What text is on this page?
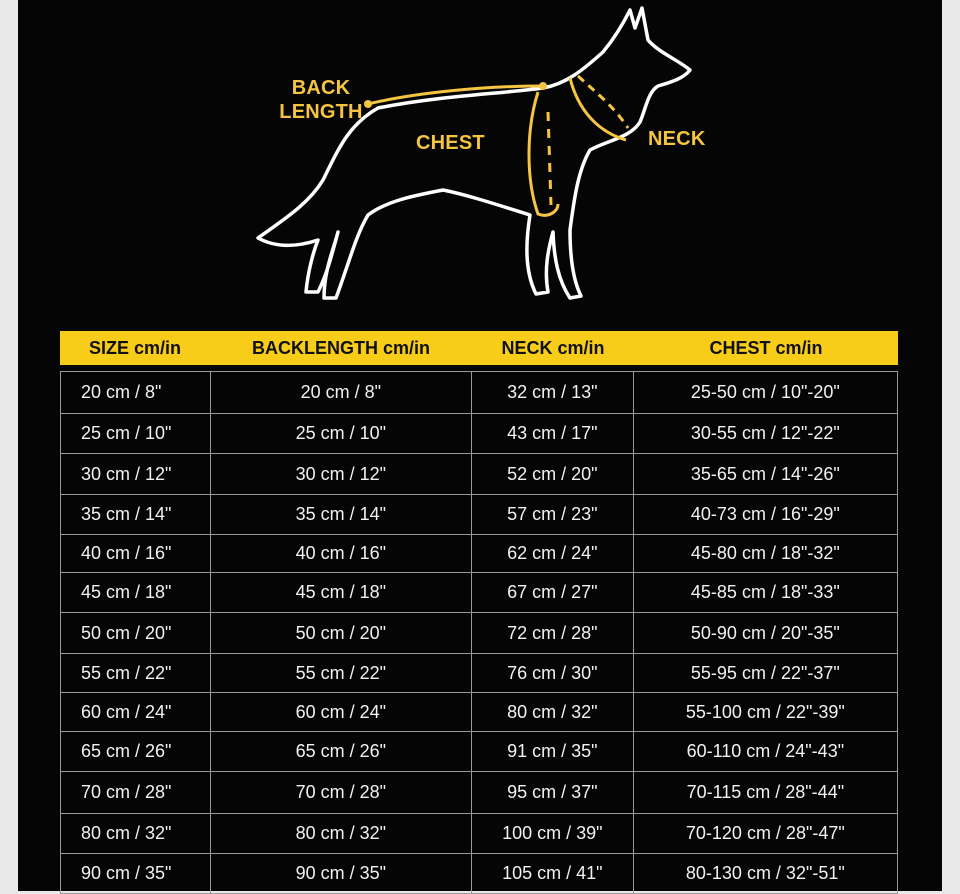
BACK
LENGTH
CHEST	NECK
SIZE cm/in	BACKLENGTH cm/in	NECK cm/in	CHEST cm/in
20 cm / 8"	20 cm / 8"	32 cm / 13"	25-50 cm / 10"-20"
25 cm / 10"	25 cm / 10"	43 cm / 17"	30-55 cm / 12"-22"
30 cm / 12"	30 cm / 12"	52 cm / 20"	35-65 cm / 14"-26"
35 cm / 14"	35 cm / 14"	57 cm / 23"	40-73 cm / 16"-29"
40 cm / 16"	40 cm / 16"	62 cm / 24"	45-80 cm / 18"-32"
45 cm / 18"	45 cm / 18"	67 cm / 27"	45-85 cm / 18"-33"
50 cm / 20"	50 cm / 20"	72 cm / 28"	50-90 cm / 20"-35"
55 cm / 22"	55 cm / 22"	76 cm / 30"	55-95 cm / 22"-37"
60 cm / 24"	60 cm / 24"	80 cm / 32"	55-100 cm / 22"-39"
65 cm / 26"	65 cm / 26"	91 cm / 35"	60-110 cm / 24"-43"
70 cm / 28"	70 cm / 28"	95 cm / 37"	70-115 cm / 28"-44"
80 cm / 32"	80 cm / 32"	100 cm / 39"	70-120 cm / 28"-47"
90 cm / 35"	90 cm / 35"	105 cm / 41"	80-130 cm / 32"-51"
